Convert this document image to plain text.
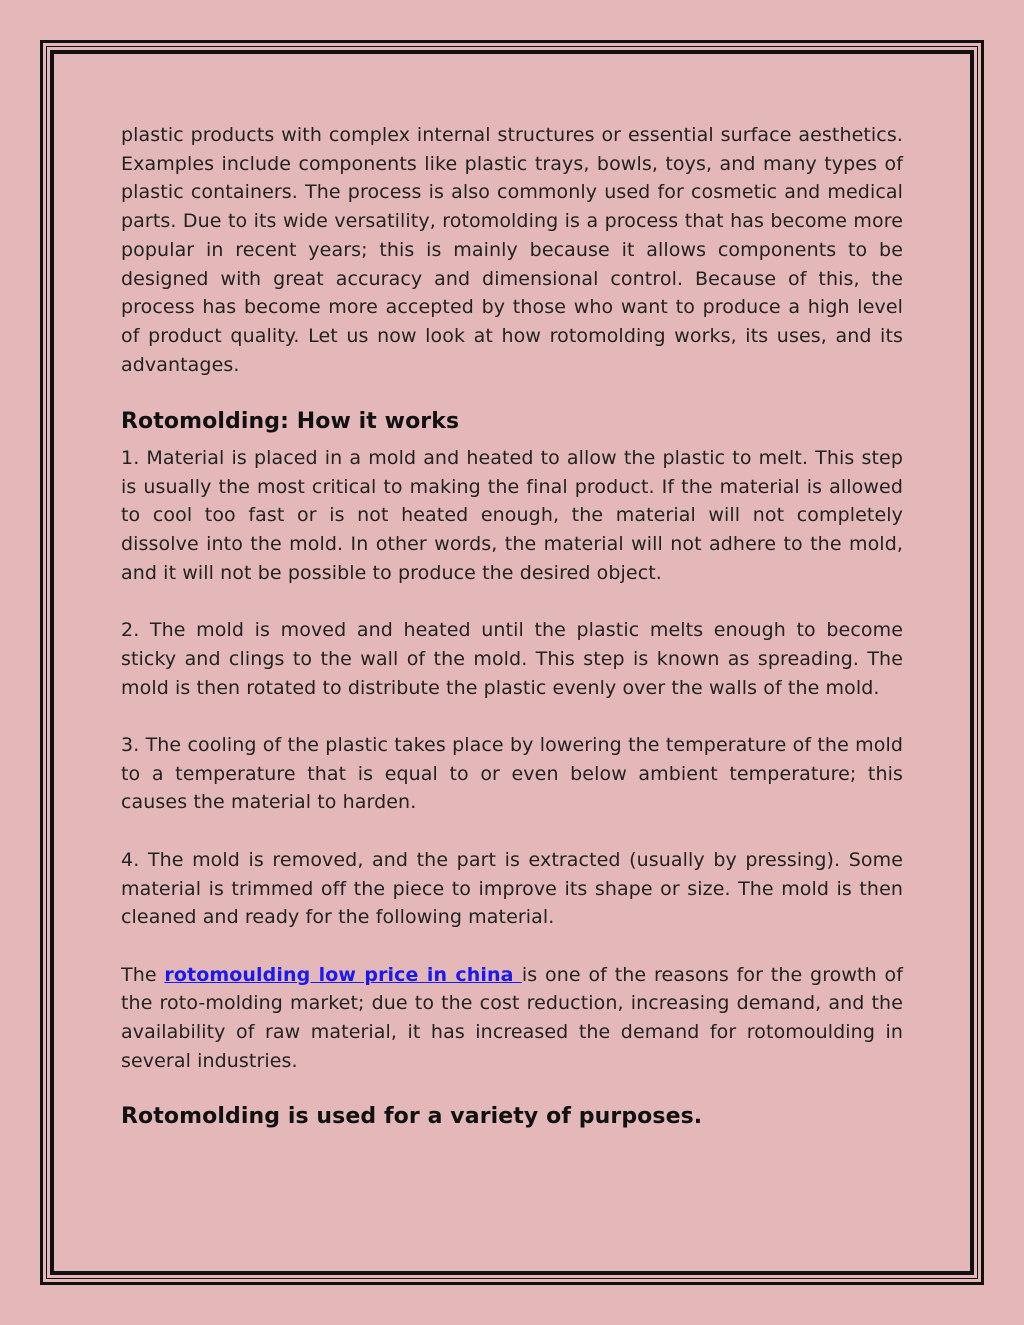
plastic products with complex internal structures or essential surface aesthetics. Examples include components like plastic trays, bowls, toys, and many types of plastic containers. The process is also commonly used for cosmetic and medical parts. Due to its wide versatility, rotomolding is a process that has become more popular in recent years; this is mainly because it allows components to be designed with great accuracy and dimensional control. Because of this, the process has become more accepted by those who want to produce a high level of product quality. Let us now look at how rotomolding works, its uses, and its advantages.

Rotomolding: How it works

1. Material is placed in a mold and heated to allow the plastic to melt. This step is usually the most critical to making the final product. If the material is allowed to cool too fast or is not heated enough, the material will not completely dissolve into the mold. In other words, the material will not adhere to the mold, and it will not be possible to produce the desired object.

2. The mold is moved and heated until the plastic melts enough to become sticky and clings to the wall of the mold. This step is known as spreading. The mold is then rotated to distribute the plastic evenly over the walls of the mold.

3. The cooling of the plastic takes place by lowering the temperature of the mold to a temperature that is equal to or even below ambient temperature; this causes the material to harden.

4. The mold is removed, and the part is extracted (usually by pressing). Some material is trimmed off the piece to improve its shape or size. The mold is then cleaned and ready for the following material.

The rotomoulding low price in china is one of the reasons for the growth of the roto-molding market; due to the cost reduction, increasing demand, and the availability of raw material, it has increased the demand for rotomoulding in several industries.

Rotomolding is used for a variety of purposes.
